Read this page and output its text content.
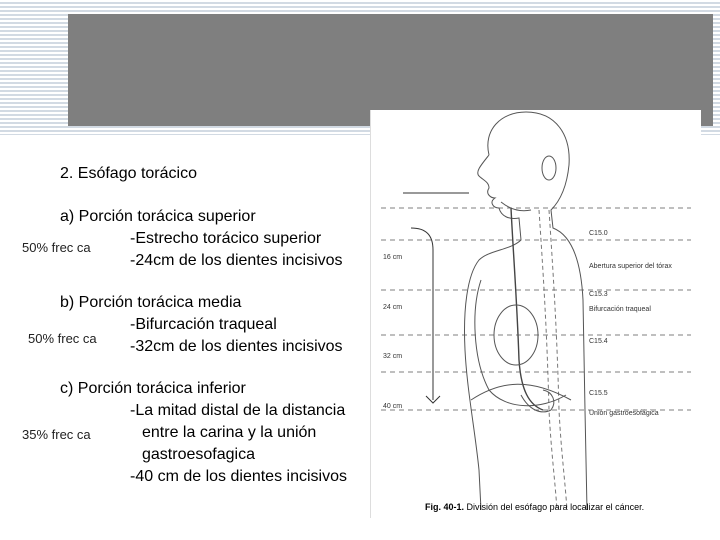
2. Esófago torácico
a) Porción torácica superior
-Estrecho torácico superior
-24cm de los dientes incisivos
50% frec ca
b) Porción torácica media
-Bifurcación traqueal
-32cm de los dientes incisivos
50% frec ca
c) Porción torácica inferior
-La mitad distal de la distancia
entre la carina y la unión
gastroesofagica
-40 cm de los dientes incisivos
35% frec ca
16 cm
24 cm
32 cm
40 cm
C15.0
Abertura superior del tórax
C15.3
Bifurcación traqueal
C15.4
C15.5
Unión gastroesofágica
Fig. 40-1. División del esófago para localizar el cáncer.
